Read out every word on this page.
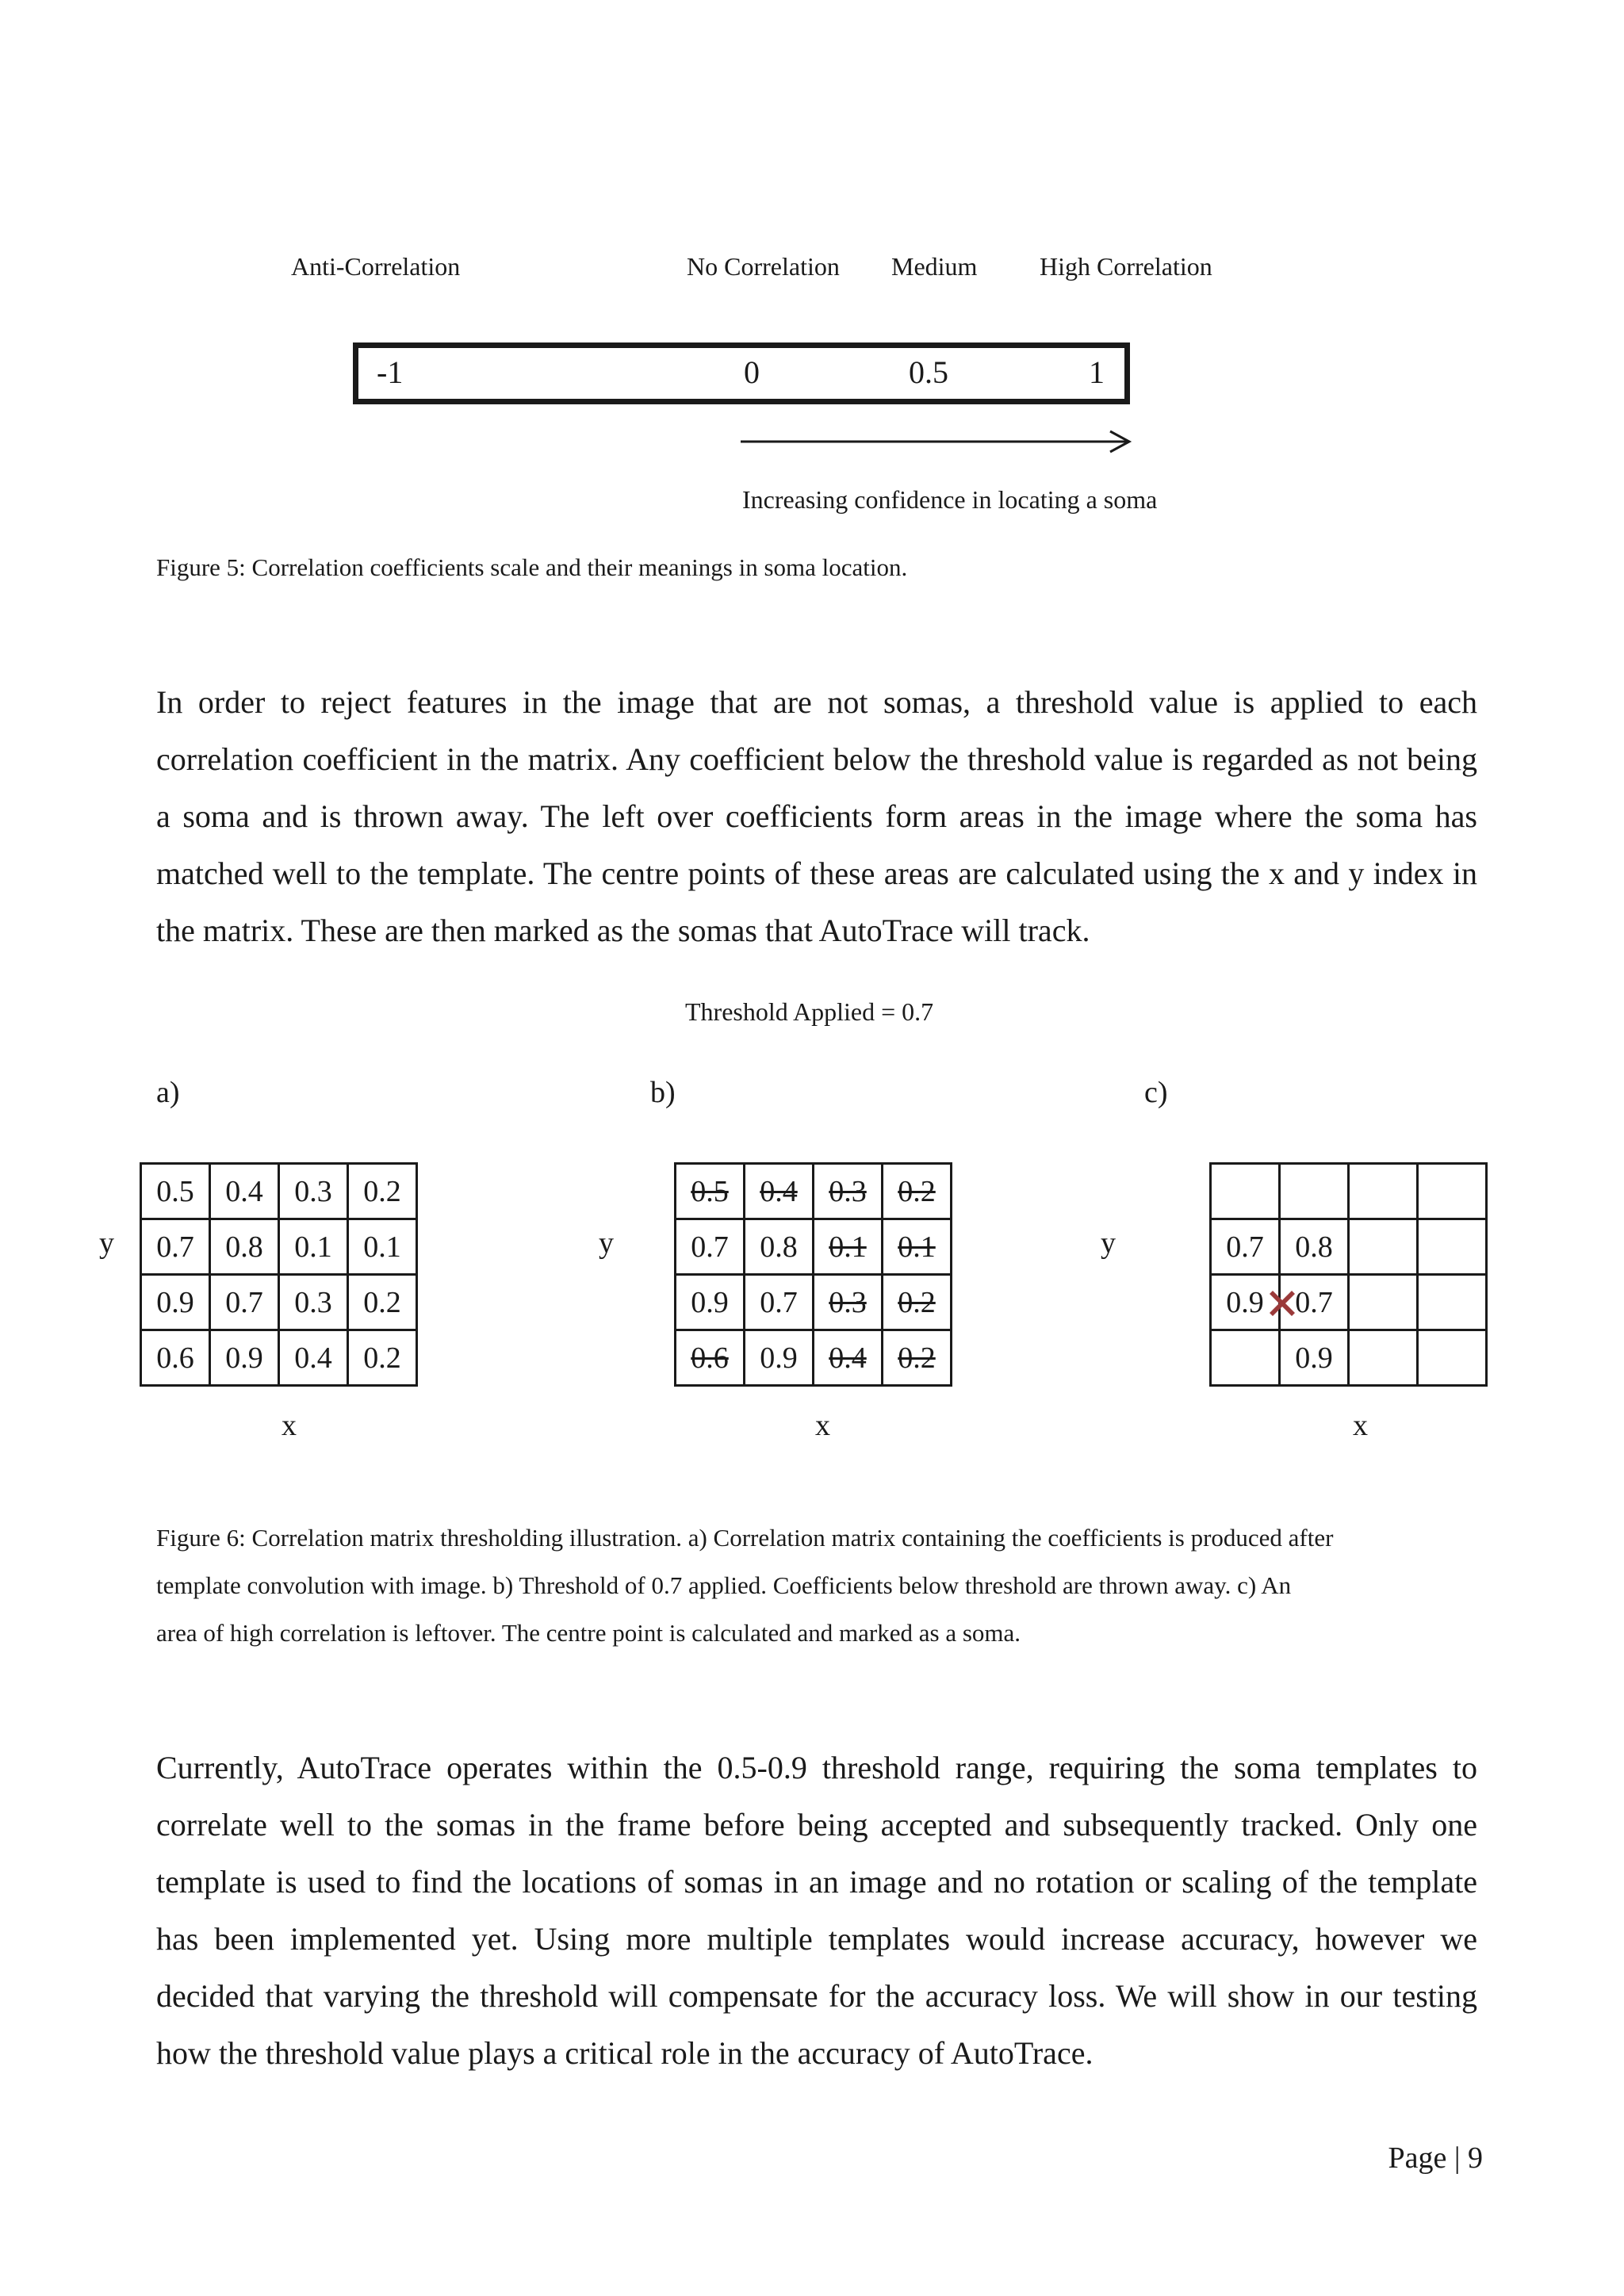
Anti-Correlation	No Correlation Medium High Correlation
-1	0	0.5	1
Increasing confidence in locating a soma
Figure 5: Correlation coefficients scale and their meanings in soma location.

In order to reject features in the image that are not somas, a threshold value is applied to each correlation coefficient in the matrix. Any coefficient below the threshold value is regarded as not being a soma and is thrown away. The left over coefficients form areas in the image where the soma has matched well to the template. The centre points of these areas are calculated using the x and y index in the matrix. These are then marked as the somas that AutoTrace will track.

Threshold Applied = 0.7
a)	b)	c)
y	y	y
0.5	0.4	0.3	0.2
0.7	0.8	0.1	0.1
0.9	0.7	0.3	0.2
0.6	0.9	0.4	0.2
0.5	0.4	0.3	0.2
0.7	0.8	0.1	0.1
0.9	0.7	0.3	0.2
0.6	0.9	0.4	0.2

0.7	0.8		
0.9	0.7		
	0.9		
x	x	x
Figure 6: Correlation matrix thresholding illustration. a) Correlation matrix containing the coefficients is produced after
template convolution with image. b) Threshold of 0.7 applied. Coefficients below threshold are thrown away. c) An
area of high correlation is leftover. The centre point is calculated and marked as a soma.

Currently, AutoTrace operates within the 0.5-0.9 threshold range, requiring the soma templates to correlate well to the somas in the frame before being accepted and subsequently tracked. Only one template is used to find the locations of somas in an image and no rotation or scaling of the template has been implemented yet. Using more multiple templates would increase accuracy, however we decided that varying the threshold will compensate for the accuracy loss. We will show in our testing how the threshold value plays a critical role in the accuracy of AutoTrace.

Page | 9
